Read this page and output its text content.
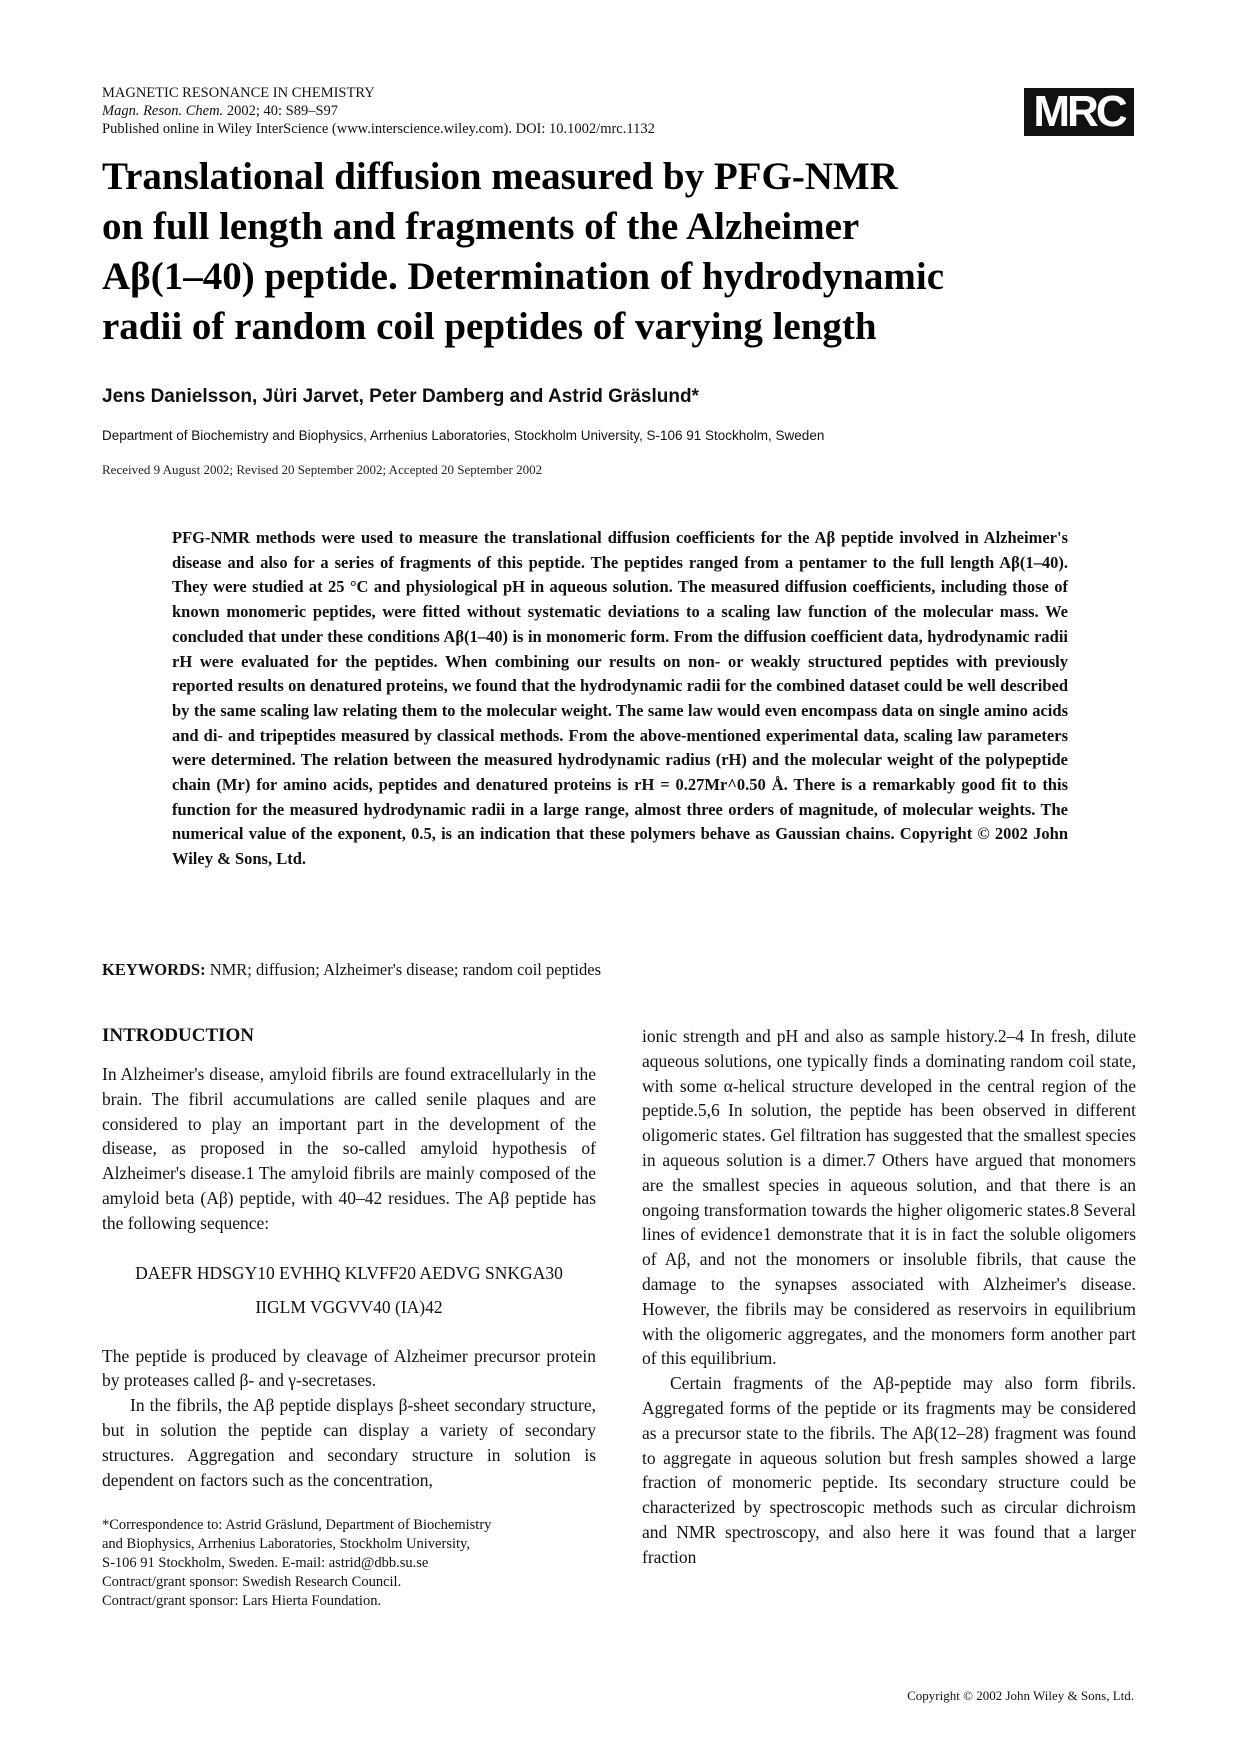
MAGNETIC RESONANCE IN CHEMISTRY
Magn. Reson. Chem. 2002; 40: S89–S97
Published online in Wiley InterScience (www.interscience.wiley.com). DOI: 10.1002/mrc.1132	MRC
Translational diffusion measured by PFG-NMR
on full length and fragments of the Alzheimer
Aβ(1–40) peptide. Determination of hydrodynamic
radii of random coil peptides of varying length
Jens Danielsson, Jüri Jarvet, Peter Damberg and Astrid Gräslund*
Department of Biochemistry and Biophysics, Arrhenius Laboratories, Stockholm University, S-106 91 Stockholm, Sweden
Received 9 August 2002; Revised 20 September 2002; Accepted 20 September 2002

PFG-NMR methods were used to measure the translational diffusion coefficients for the Aβ peptide involved in Alzheimer's disease and also for a series of fragments of this peptide. The peptides ranged from a pentamer to the full length Aβ(1–40). They were studied at 25 °C and physiological pH in aqueous solution. The measured diffusion coefficients, including those of known monomeric peptides, were fitted without systematic deviations to a scaling law function of the molecular mass. We concluded that under these conditions Aβ(1–40) is in monomeric form. From the diffusion coefficient data, hydrodynamic radii rH were evaluated for the peptides. When combining our results on non- or weakly structured peptides with previously reported results on denatured proteins, we found that the hydrodynamic radii for the combined dataset could be well described by the same scaling law relating them to the molecular weight. The same law would even encompass data on single amino acids and di- and tripeptides measured by classical methods. From the above-mentioned experimental data, scaling law parameters were determined. The relation between the measured hydrodynamic radius (rH) and the molecular weight of the polypeptide chain (Mr) for amino acids, peptides and denatured proteins is rH = 0.27Mr^0.50 Å. There is a remarkably good fit to this function for the measured hydrodynamic radii in a large range, almost three orders of magnitude, of molecular weights. The numerical value of the exponent, 0.5, is an indication that these polymers behave as Gaussian chains. Copyright © 2002 John Wiley & Sons, Ltd.

KEYWORDS: NMR; diffusion; Alzheimer's disease; random coil peptides
INTRODUCTION

In Alzheimer's disease, amyloid fibrils are found extracellularly in the brain. The fibril accumulations are called senile plaques and are considered to play an important part in the development of the disease, as proposed in the so-called amyloid hypothesis of Alzheimer's disease.1 The amyloid fibrils are mainly composed of the amyloid beta (Aβ) peptide, with 40–42 residues. The Aβ peptide has the following sequence:

DAEFR HDSGY10 EVHHQ KLVFF20 AEDVG SNKGA30
IIGLM VGGVV40 (IA)42

The peptide is produced by cleavage of Alzheimer precursor protein by proteases called β- and γ-secretases.

In the fibrils, the Aβ peptide displays β-sheet secondary structure, but in solution the peptide can display a variety of secondary structures. Aggregation and secondary structure in solution is dependent on factors such as the concentration,

ionic strength and pH and also as sample history.2–4 In fresh, dilute aqueous solutions, one typically finds a dominating random coil state, with some α-helical structure developed in the central region of the peptide.5,6 In solution, the peptide has been observed in different oligomeric states. Gel filtration has suggested that the smallest species in aqueous solution is a dimer.7 Others have argued that monomers are the smallest species in aqueous solution, and that there is an ongoing transformation towards the higher oligomeric states.8 Several lines of evidence1 demonstrate that it is in fact the soluble oligomers of Aβ, and not the monomers or insoluble fibrils, that cause the damage to the synapses associated with Alzheimer's disease. However, the fibrils may be considered as reservoirs in equilibrium with the oligomeric aggregates, and the monomers form another part of this equilibrium.

Certain fragments of the Aβ-peptide may also form fibrils. Aggregated forms of the peptide or its fragments may be considered as a precursor state to the fibrils. The Aβ(12–28) fragment was found to aggregate in aqueous solution but fresh samples showed a large fraction of monomeric peptide. Its secondary structure could be characterized by spectroscopic methods such as circular dichroism and NMR spectroscopy, and also here it was found that a larger fraction

*Correspondence to: Astrid Gräslund, Department of Biochemistry
and Biophysics, Arrhenius Laboratories, Stockholm University,
S-106 91 Stockholm, Sweden. E-mail: astrid@dbb.su.se
Contract/grant sponsor: Swedish Research Council.
Contract/grant sponsor: Lars Hierta Foundation.
Copyright © 2002 John Wiley & Sons, Ltd.
